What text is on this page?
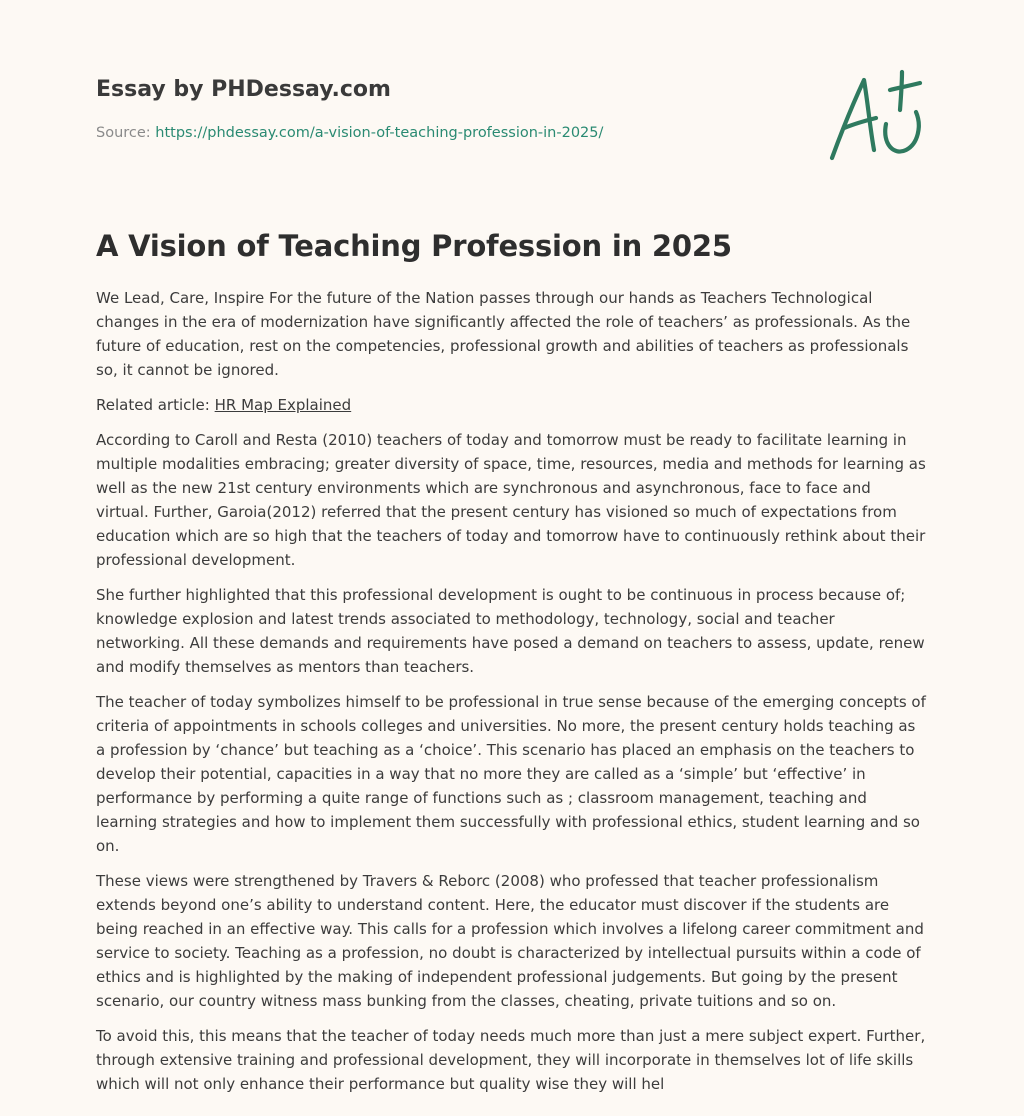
Essay by PHDessay.com
Source: https://phdessay.com/a-vision-of-teaching-profession-in-2025/
A Vision of Teaching Profession in 2025

We Lead, Care, Inspire For the future of the Nation passes through our hands as Teachers Technological changes in the era of modernization have significantly affected the role of teachers’ as professionals. As the future of education, rest on the competencies, professional growth and abilities of teachers as professionals so, it cannot be ignored.

Related article: HR Map Explained

According to Caroll and Resta (2010) teachers of today and tomorrow must be ready to facilitate learning in multiple modalities embracing; greater diversity of space, time, resources, media and methods for learning as well as the new 21st century environments which are synchronous and asynchronous, face to face and virtual. Further, Garoia(2012) referred that the present century has visioned so much of expectations from education which are so high that the teachers of today and tomorrow have to continuously rethink about their professional development.

She further highlighted that this professional development is ought to be continuous in process because of; knowledge explosion and latest trends associated to methodology, technology, social and teacher networking. All these demands and requirements have posed a demand on teachers to assess, update, renew and modify themselves as mentors than teachers.

The teacher of today symbolizes himself to be professional in true sense because of the emerging concepts of criteria of appointments in schools colleges and universities. No more, the present century holds teaching as a profession by ‘chance’ but teaching as a ‘choice’. This scenario has placed an emphasis on the teachers to develop their potential, capacities in a way that no more they are called as a ‘simple’ but ‘effective’ in performance by performing a quite range of functions such as ; classroom management, teaching and learning strategies and how to implement them successfully with professional ethics, student learning and so on.

These views were strengthened by Travers & Reborc (2008) who professed that teacher professionalism extends beyond one’s ability to understand content. Here, the educator must discover if the students are being reached in an effective way. This calls for a profession which involves a lifelong career commitment and service to society. Teaching as a profession, no doubt is characterized by intellectual pursuits within a code of ethics and is highlighted by the making of independent professional judgements. But going by the present scenario, our country witness mass bunking from the classes, cheating, private tuitions and so on.

To avoid this, this means that the teacher of today needs much more than just a mere subject expert. Further, through extensive training and professional development, they will incorporate in themselves lot of life skills which will not only enhance their performance but quality wise they will hel
